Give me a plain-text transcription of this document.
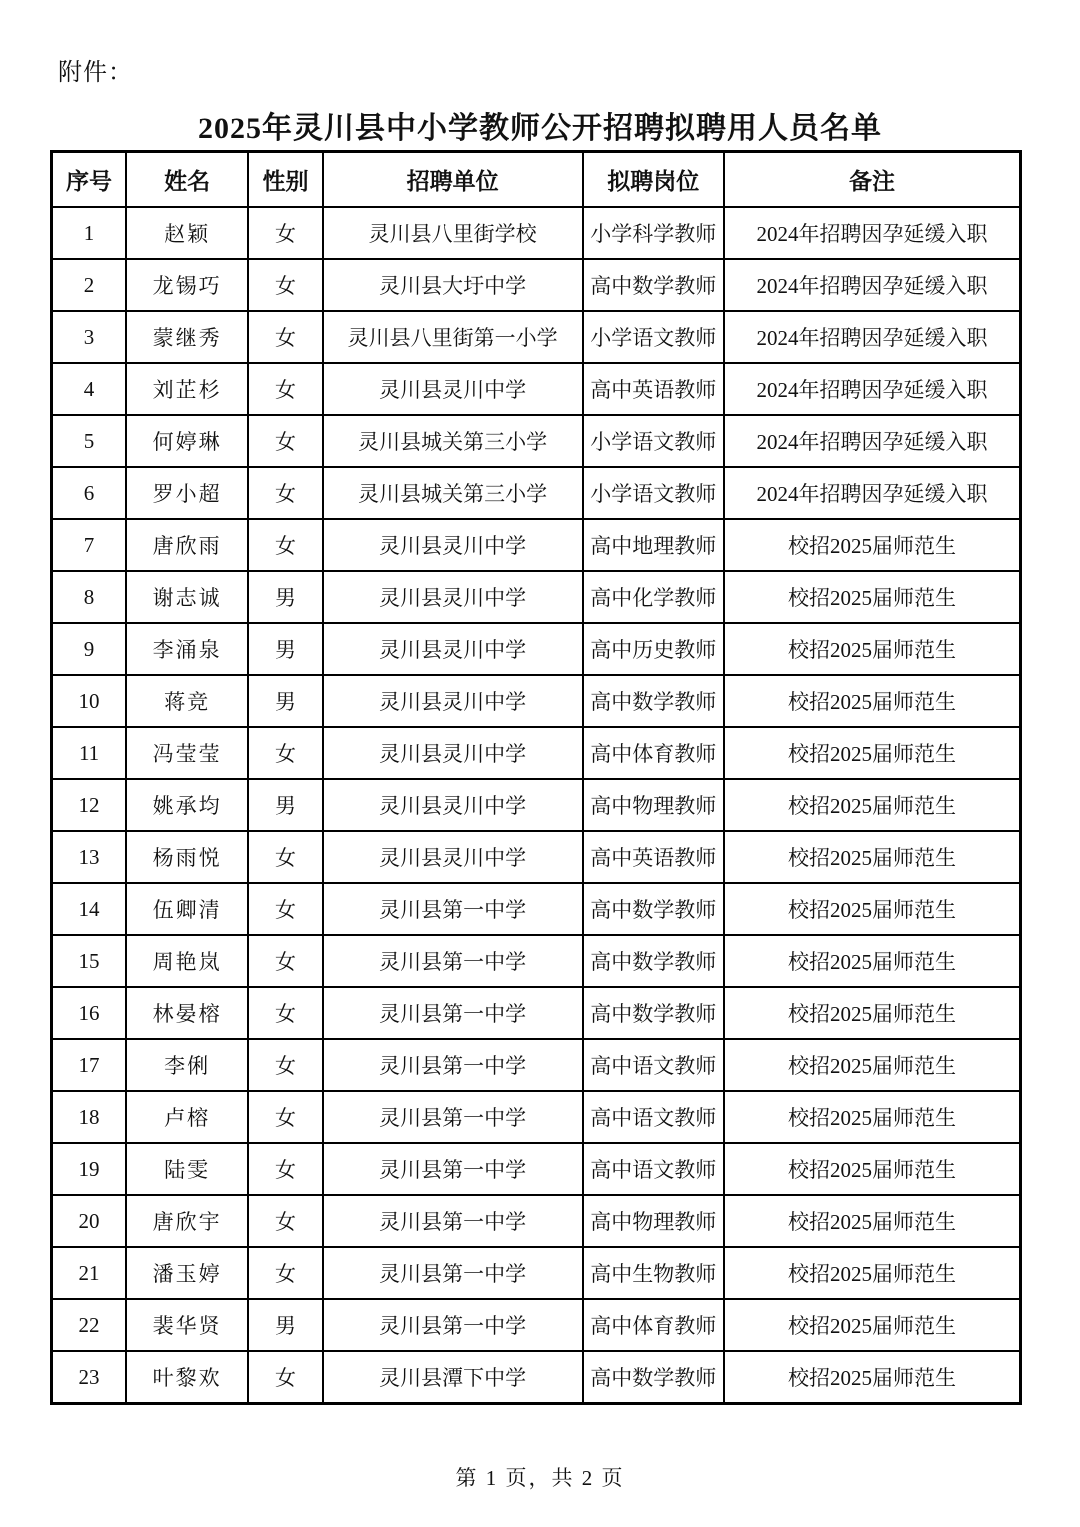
附件：
2025年灵川县中小学教师公开招聘拟聘用人员名单
序号	姓名	性别	招聘单位	拟聘岗位	备注
1	赵颖	女	灵川县八里街学校	小学科学教师	2024年招聘因孕延缓入职
2	龙锡巧	女	灵川县大圩中学	高中数学教师	2024年招聘因孕延缓入职
3	蒙继秀	女	灵川县八里街第一小学	小学语文教师	2024年招聘因孕延缓入职
4	刘芷杉	女	灵川县灵川中学	高中英语教师	2024年招聘因孕延缓入职
5	何婷琳	女	灵川县城关第三小学	小学语文教师	2024年招聘因孕延缓入职
6	罗小超	女	灵川县城关第三小学	小学语文教师	2024年招聘因孕延缓入职
7	唐欣雨	女	灵川县灵川中学	高中地理教师	校招2025届师范生
8	谢志诚	男	灵川县灵川中学	高中化学教师	校招2025届师范生
9	李涌泉	男	灵川县灵川中学	高中历史教师	校招2025届师范生
10	蒋竞	男	灵川县灵川中学	高中数学教师	校招2025届师范生
11	冯莹莹	女	灵川县灵川中学	高中体育教师	校招2025届师范生
12	姚承均	男	灵川县灵川中学	高中物理教师	校招2025届师范生
13	杨雨悦	女	灵川县灵川中学	高中英语教师	校招2025届师范生
14	伍卿清	女	灵川县第一中学	高中数学教师	校招2025届师范生
15	周艳岚	女	灵川县第一中学	高中数学教师	校招2025届师范生
16	林晏榕	女	灵川县第一中学	高中数学教师	校招2025届师范生
17	李俐	女	灵川县第一中学	高中语文教师	校招2025届师范生
18	卢榕	女	灵川县第一中学	高中语文教师	校招2025届师范生
19	陆雯	女	灵川县第一中学	高中语文教师	校招2025届师范生
20	唐欣宇	女	灵川县第一中学	高中物理教师	校招2025届师范生
21	潘玉婷	女	灵川县第一中学	高中生物教师	校招2025届师范生
22	裴华贤	男	灵川县第一中学	高中体育教师	校招2025届师范生
23	叶黎欢	女	灵川县潭下中学	高中数学教师	校招2025届师范生
第 1 页，共 2 页
